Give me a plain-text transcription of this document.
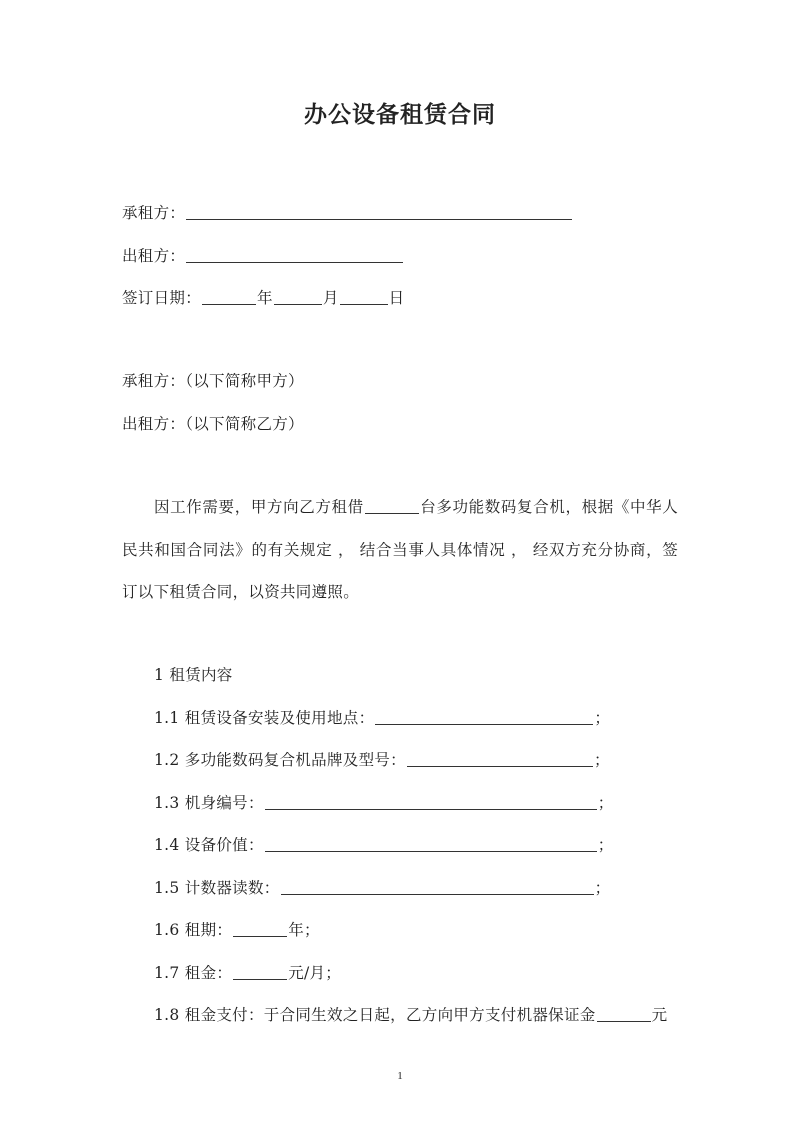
办公设备租赁合同
承租方：
出租方：
签订日期：	年	月	日
承租方：（以下简称甲方）
出租方：（以下简称乙方）
因工作需要，甲方向乙方租借	台多功能数码复合机，根据《中华人
民共和国合同法》的有关规定 ， 结合当事人具体情况 ， 经双方充分协商，签
订以下租赁合同，以资共同遵照。
1 租赁内容
1.1 租赁设备安装及使用地点：	；
1.2 多功能数码复合机品牌及型号：	；
1.3 机身编号：	；
1.4 设备价值：	；
1.5 计数器读数：	；
1.6 租期：	年；
1.7 租金：	元/月；
1.8 租金支付：于合同生效之日起，乙方向甲方支付机器保证金	元
1
